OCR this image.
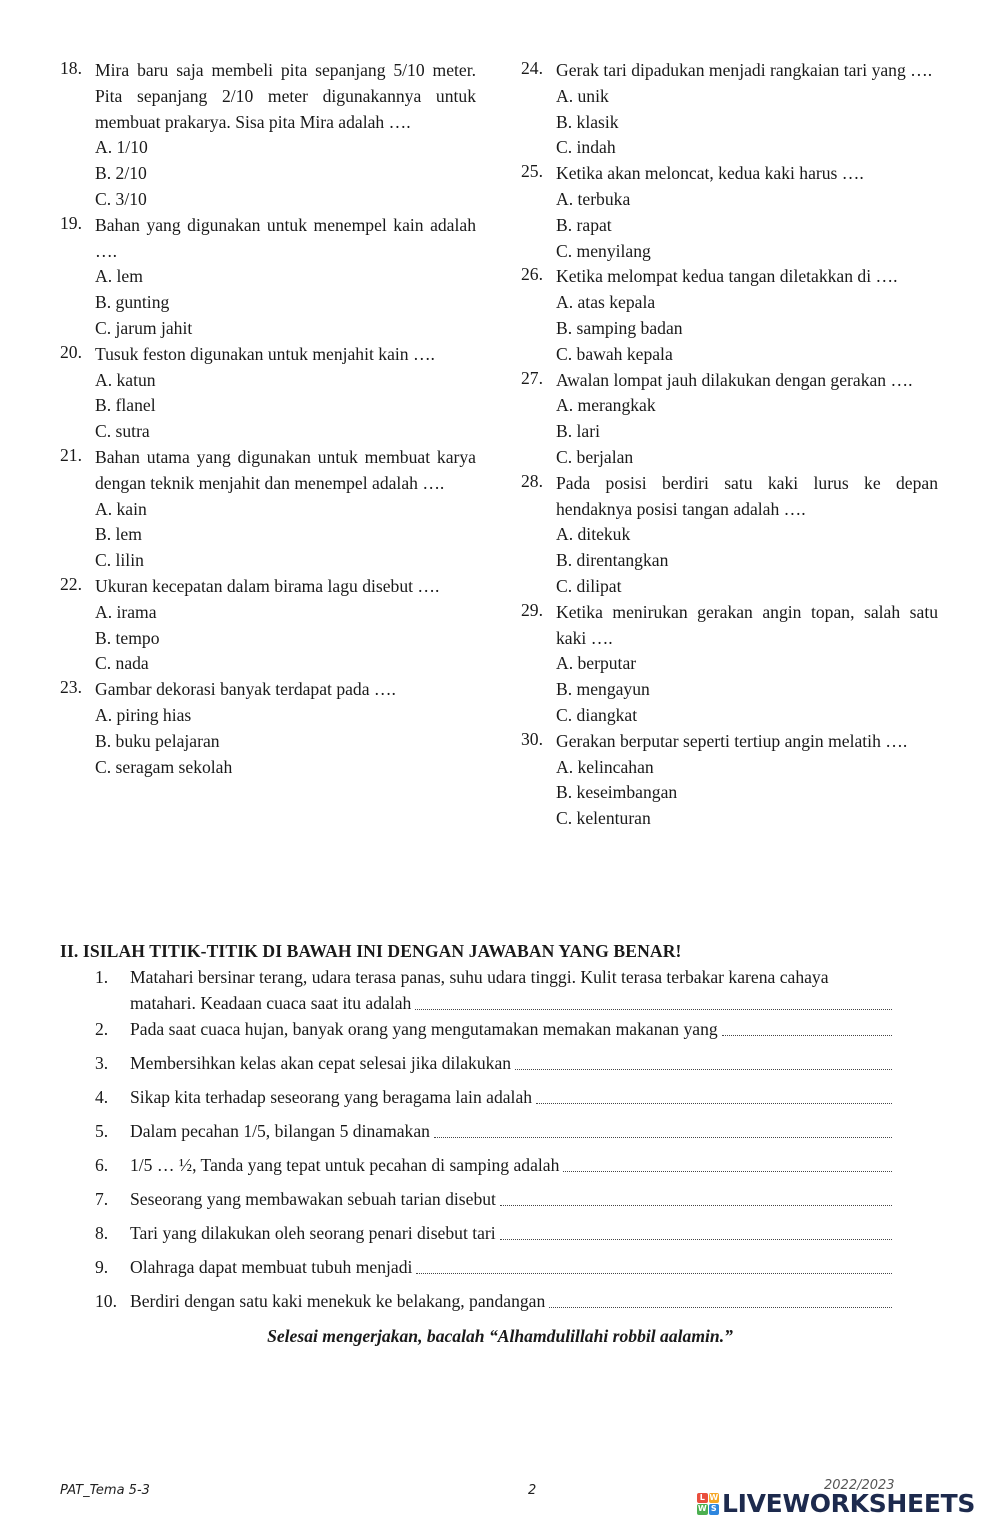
18. Mira baru saja membeli pita sepanjang 5/10 meter. Pita sepanjang 2/10 meter digunakannya untuk membuat prakarya. Sisa pita Mira adalah ….
A. 1/10
B. 2/10
C. 3/10
19. Bahan yang digunakan untuk menempel kain adalah ….
A. lem
B. gunting
C. jarum jahit
20. Tusuk feston digunakan untuk menjahit kain ….
A. katun
B. flanel
C. sutra
21. Bahan utama yang digunakan untuk membuat karya dengan teknik menjahit dan menempel adalah ….
A. kain
B. lem
C. lilin
22. Ukuran kecepatan dalam birama lagu disebut ….
A. irama
B. tempo
C. nada
23. Gambar dekorasi banyak terdapat pada ….
A. piring hias
B. buku pelajaran
C. seragam sekolah
24. Gerak tari dipadukan menjadi rangkaian tari yang ….
A. unik
B. klasik
C. indah
25. Ketika akan meloncat, kedua kaki harus ….
A. terbuka
B. rapat
C. menyilang
26. Ketika melompat kedua tangan diletakkan di ….
A. atas kepala
B. samping badan
C. bawah kepala
27. Awalan lompat jauh dilakukan dengan gerakan ….
A. merangkak
B. lari
C. berjalan
28. Pada posisi berdiri satu kaki lurus ke depan hendaknya posisi tangan adalah ….
A. ditekuk
B. direntangkan
C. dilipat
29. Ketika menirukan gerakan angin topan, salah satu kaki ….
A. berputar
B. mengayun
C. diangkat
30. Gerakan berputar seperti tertiup angin melatih ….
A. kelincahan
B. keseimbangan
C. kelenturan
II. ISILAH TITIK-TITIK DI BAWAH INI DENGAN JAWABAN YANG BENAR!
1. Matahari bersinar terang, udara terasa panas, suhu udara tinggi. Kulit terasa terbakar karena cahaya
matahari. Keadaan cuaca saat itu adalah
2. Pada saat cuaca hujan, banyak orang yang mengutamakan memakan makanan yang
3. Membersihkan kelas akan cepat selesai jika dilakukan
4. Sikap kita terhadap seseorang yang beragama lain adalah
5. Dalam pecahan 1/5, bilangan 5 dinamakan
6. 1/5 … ½, Tanda yang tepat untuk pecahan di samping adalah
7. Seseorang yang membawakan sebuah tarian disebut
8. Tari yang dilakukan oleh seorang penari disebut tari
9. Olahraga dapat membuat tubuh menjadi
10. Berdiri dengan satu kaki menekuk ke belakang, pandangan
Selesai mengerjakan, bacalah “Alhamdulillahi robbil aalamin.”
PAT_Tema 5-3	2	2022/2023
L W
W S LIVEWORKSHEETS
